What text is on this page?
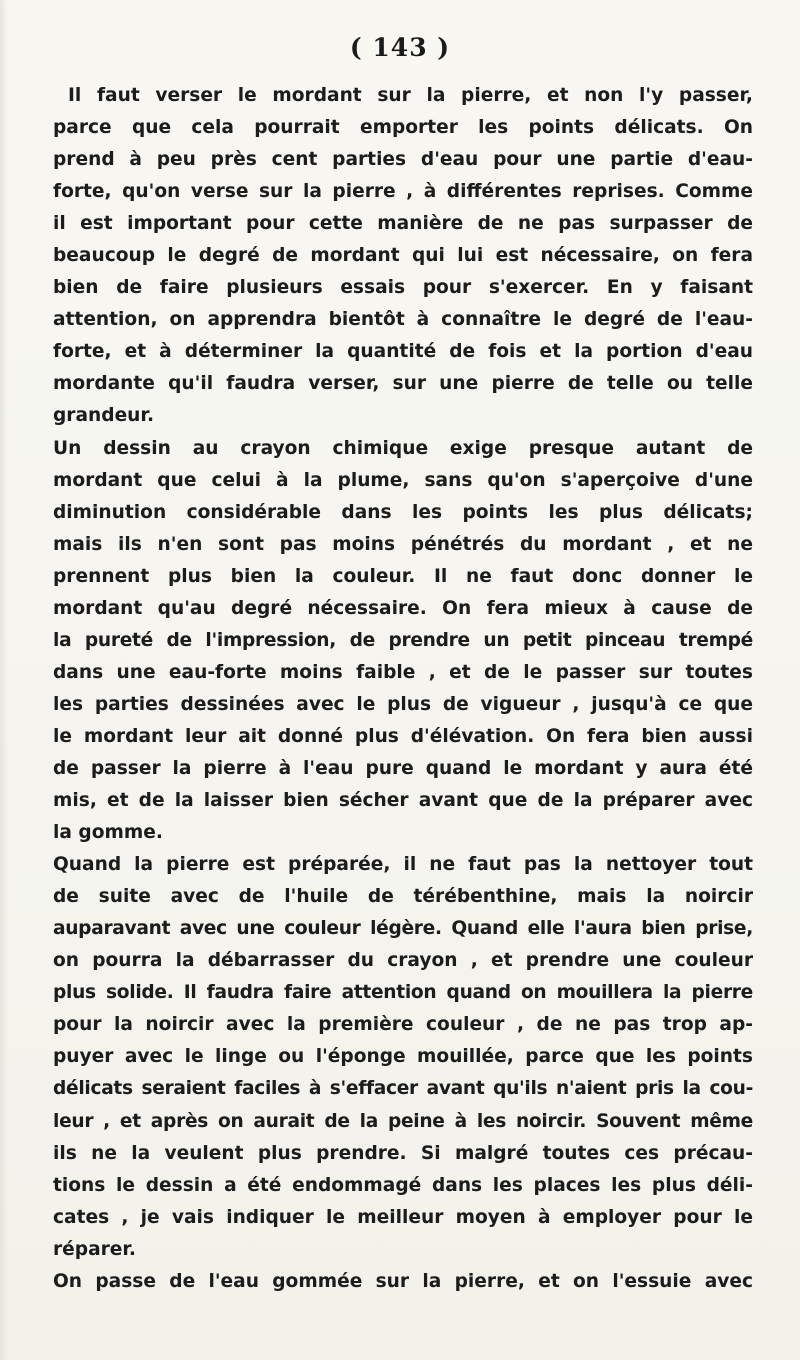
( 143 )
Il faut verser le mordant sur la pierre, et non l'y passer,
parce que cela pourrait emporter les points délicats. On
prend à peu près cent parties d'eau pour une partie d'eau-
forte, qu'on verse sur la pierre , à différentes reprises. Comme
il est important pour cette manière de ne pas surpasser de
beaucoup le degré de mordant qui lui est nécessaire, on fera
bien de faire plusieurs essais pour s'exercer. En y faisant
attention, on apprendra bientôt à connaître le degré de l'eau-
forte, et à déterminer la quantité de fois et la portion d'eau
mordante qu'il faudra verser, sur une pierre de telle ou telle
grandeur.
Un dessin au crayon chimique exige presque autant de
mordant que celui à la plume, sans qu'on s'aperçoive d'une
diminution considérable dans les points les plus délicats;
mais ils n'en sont pas moins pénétrés du mordant , et ne
prennent plus bien la couleur. Il ne faut donc donner le
mordant qu'au degré nécessaire. On fera mieux à cause de
la pureté de l'impression, de prendre un petit pinceau trempé
dans une eau-forte moins faible , et de le passer sur toutes
les parties dessinées avec le plus de vigueur , jusqu'à ce que
le mordant leur ait donné plus d'élévation. On fera bien aussi
de passer la pierre à l'eau pure quand le mordant y aura été
mis, et de la laisser bien sécher avant que de la préparer avec
la gomme.
Quand la pierre est préparée, il ne faut pas la nettoyer tout
de suite avec de l'huile de térébenthine, mais la noircir
auparavant avec une couleur légère. Quand elle l'aura bien prise,
on pourra la débarrasser du crayon , et prendre une couleur
plus solide. Il faudra faire attention quand on mouillera la pierre
pour la noircir avec la première couleur , de ne pas trop ap-
puyer avec le linge ou l'éponge mouillée, parce que les points
délicats seraient faciles à s'effacer avant qu'ils n'aient pris la cou-
leur , et après on aurait de la peine à les noircir. Souvent même
ils ne la veulent plus prendre. Si malgré toutes ces précau-
tions le dessin a été endommagé dans les places les plus déli-
cates , je vais indiquer le meilleur moyen à employer pour le
réparer.
On passe de l'eau gommée sur la pierre, et on l'essuie avec
